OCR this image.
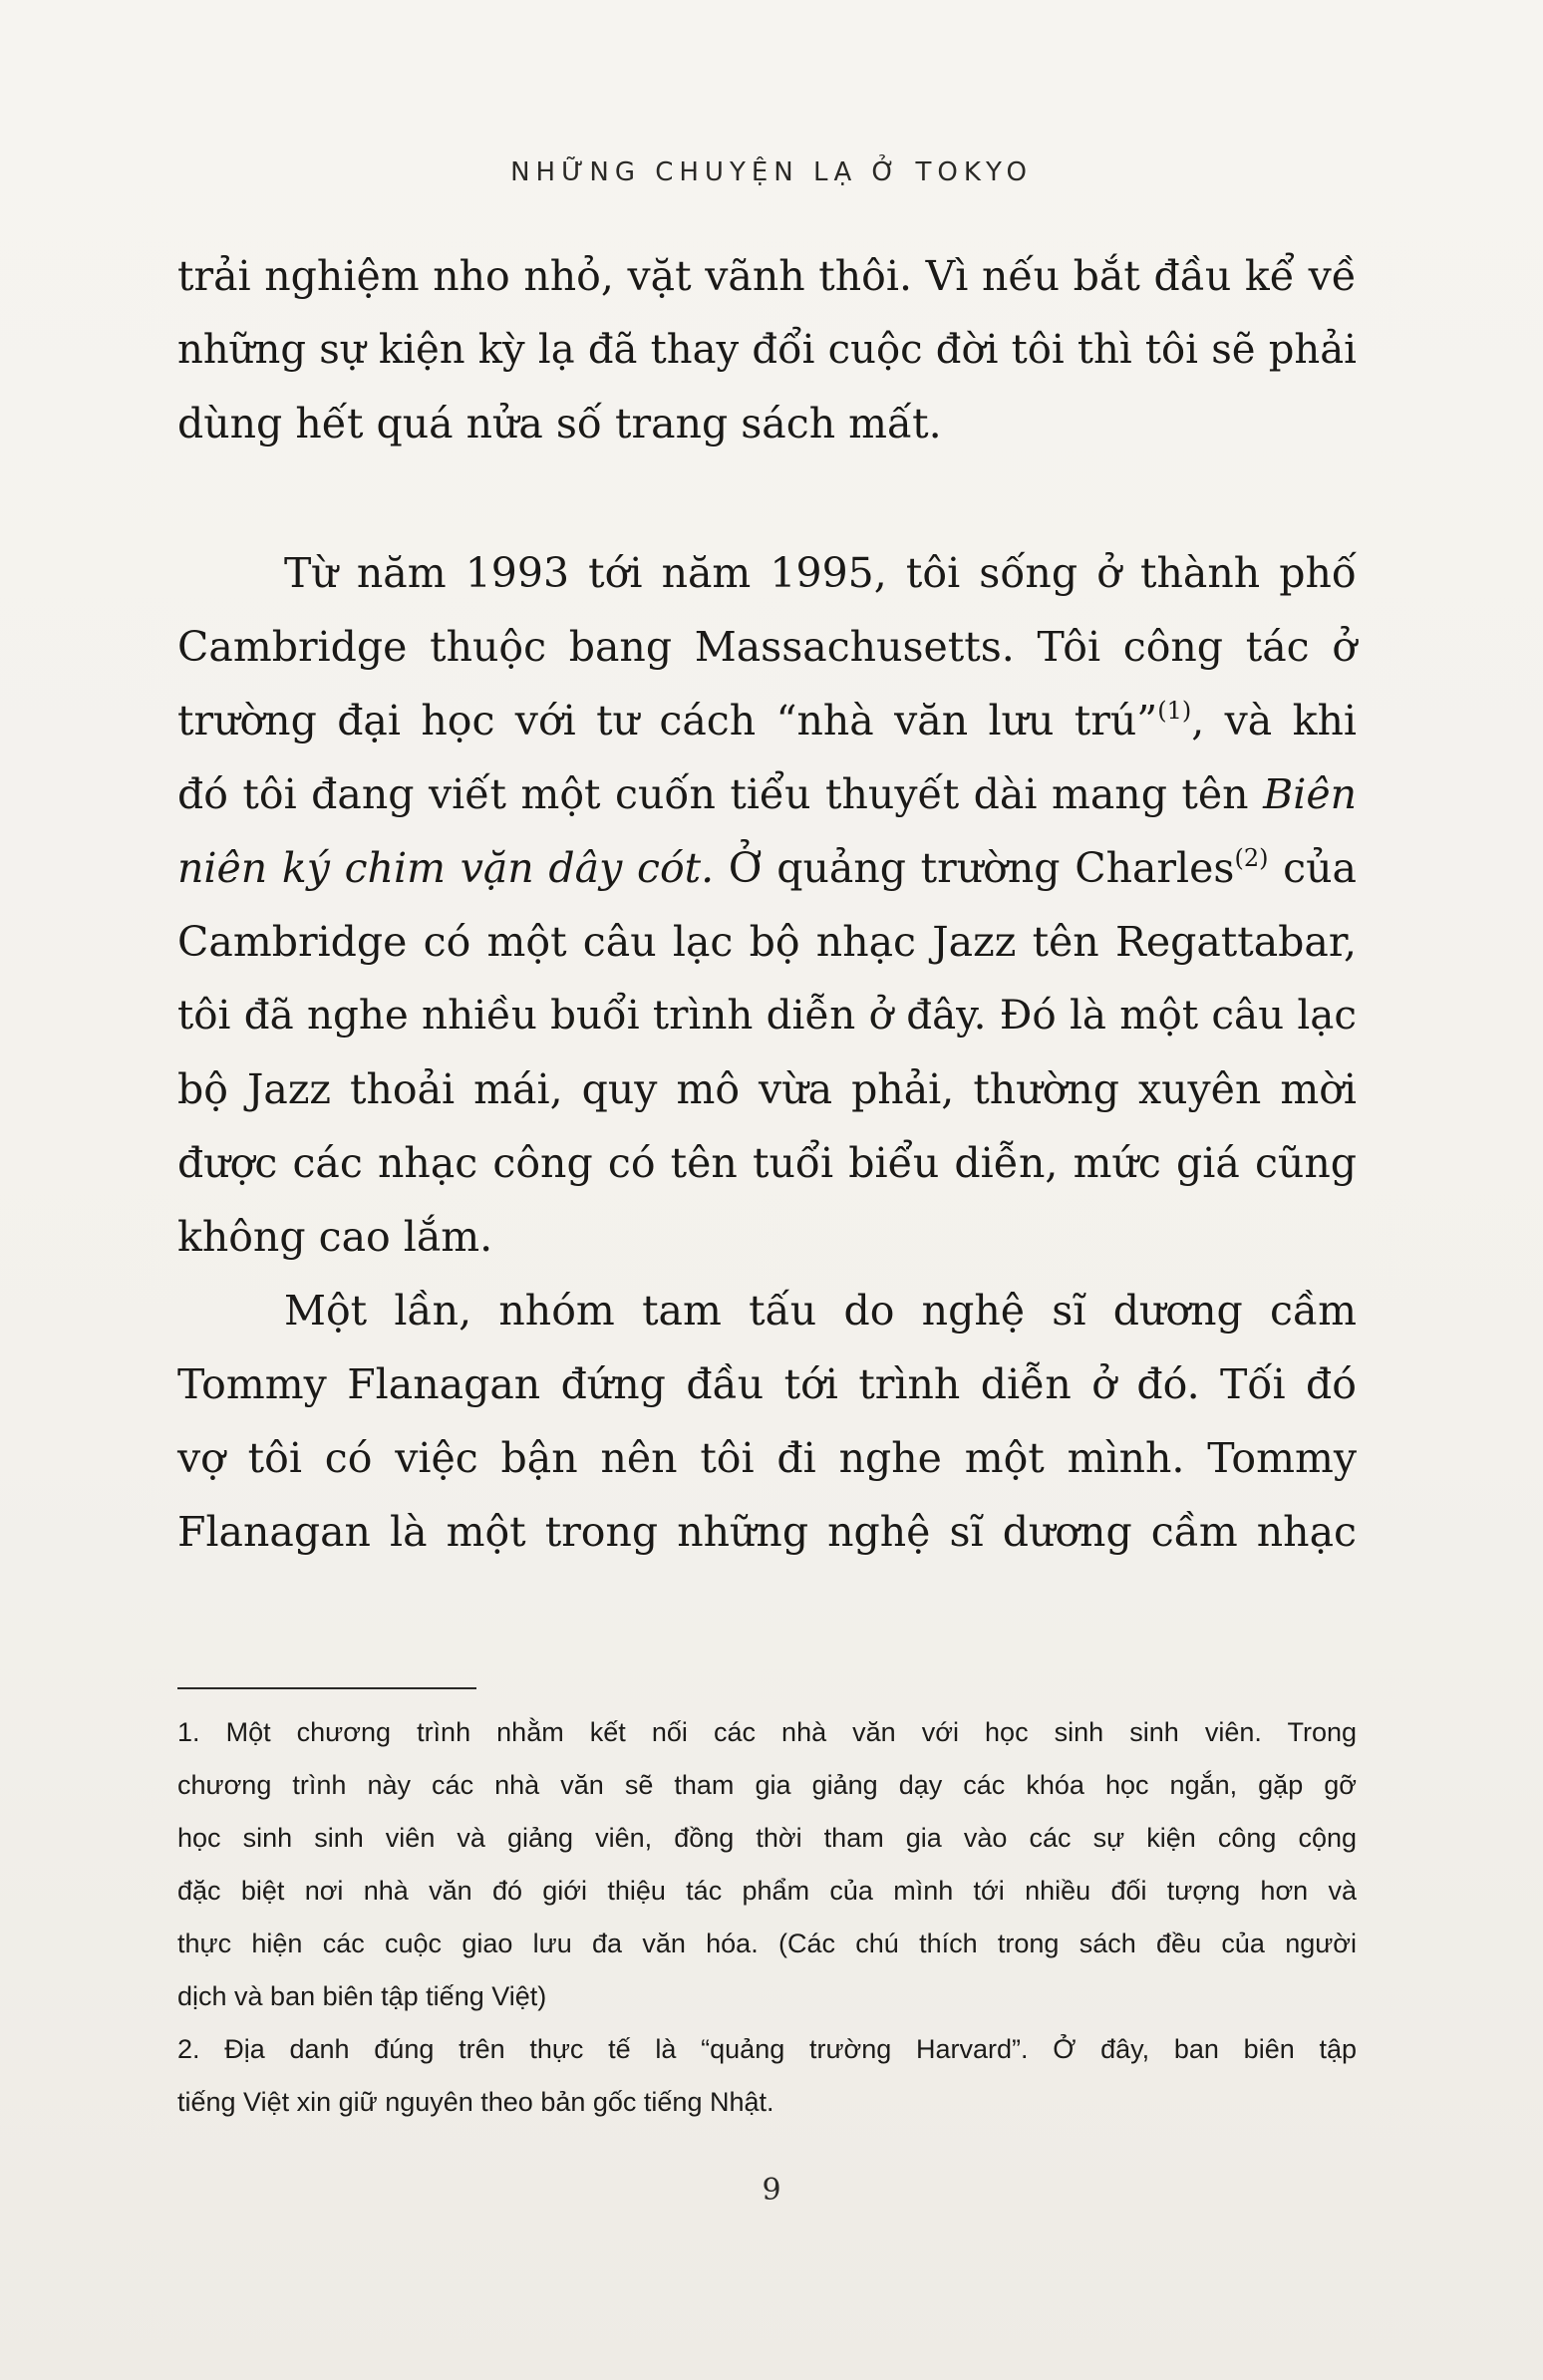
NHỮNG CHUYỆN LẠ Ở TOKYO
trải nghiệm nho nhỏ, vặt vãnh thôi. Vì nếu bắt đầu kể về
những sự kiện kỳ lạ đã thay đổi cuộc đời tôi thì tôi sẽ phải
dùng hết quá nửa số trang sách mất.
Từ năm 1993 tới năm 1995, tôi sống ở thành phố
Cambridge thuộc bang Massachusetts. Tôi công tác ở
trường đại học với tư cách “nhà văn lưu trú”$^{(1)}$, và khi
đó tôi đang viết một cuốn tiểu thuyết dài mang tên Biên
niên ký chim vặn dây cót. Ở quảng trường Charles$^{(2)}$ của
Cambridge có một câu lạc bộ nhạc Jazz tên Regattabar,
tôi đã nghe nhiều buổi trình diễn ở đây. Đó là một câu lạc
bộ Jazz thoải mái, quy mô vừa phải, thường xuyên mời
được các nhạc công có tên tuổi biểu diễn, mức giá cũng
không cao lắm.
Một lần, nhóm tam tấu do nghệ sĩ dương cầm
Tommy Flanagan đứng đầu tới trình diễn ở đó. Tối đó
vợ tôi có việc bận nên tôi đi nghe một mình. Tommy
Flanagan là một trong những nghệ sĩ dương cầm nhạc
1. Một chương trình nhằm kết nối các nhà văn với học sinh sinh viên. Trong
chương trình này các nhà văn sẽ tham gia giảng dạy các khóa học ngắn, gặp gỡ
học sinh sinh viên và giảng viên, đồng thời tham gia vào các sự kiện công cộng
đặc biệt nơi nhà văn đó giới thiệu tác phẩm của mình tới nhiều đối tượng hơn và
thực hiện các cuộc giao lưu đa văn hóa. (Các chú thích trong sách đều của người
dịch và ban biên tập tiếng Việt)
2. Địa danh đúng trên thực tế là “quảng trường Harvard”. Ở đây, ban biên tập
tiếng Việt xin giữ nguyên theo bản gốc tiếng Nhật.
9
